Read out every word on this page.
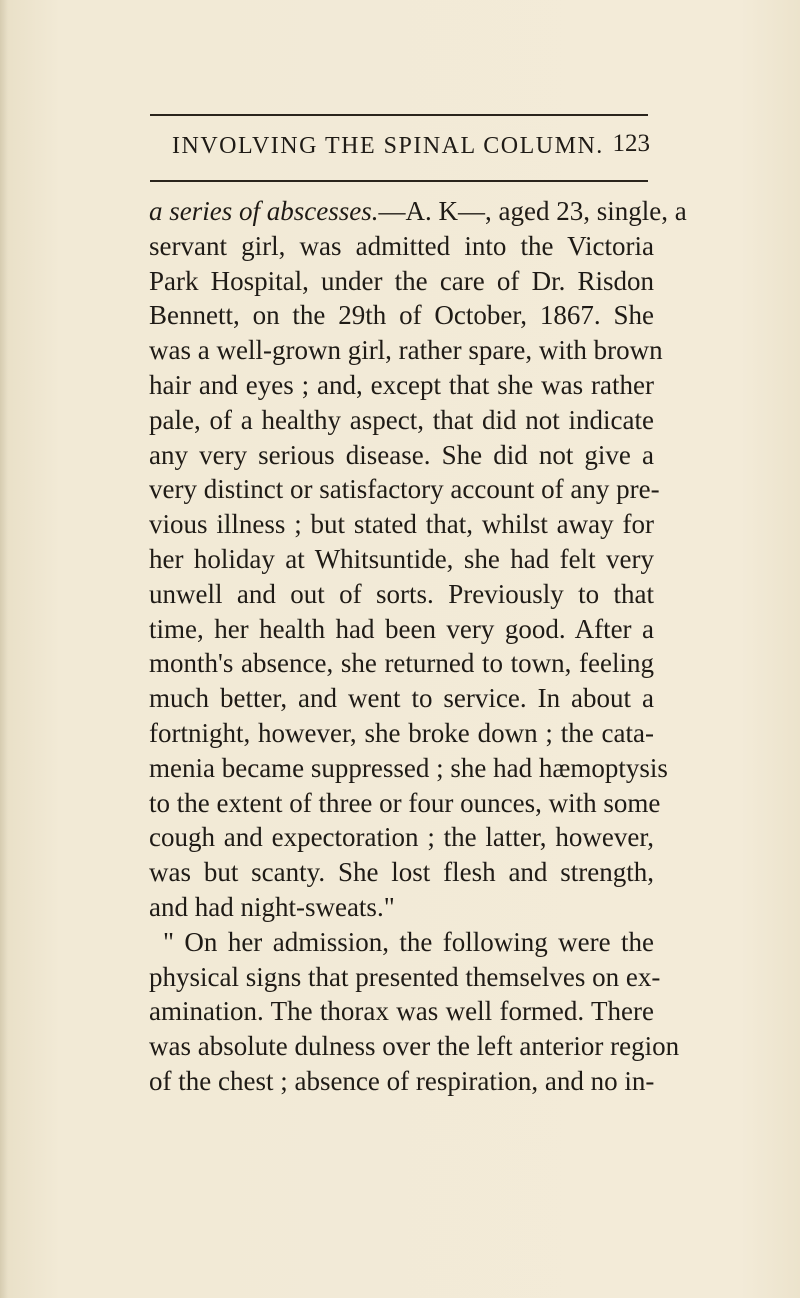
INVOLVING THE SPINAL COLUMN. 123
a series of abscesses.—A. K—, aged 23, single, a
servant girl, was admitted into the Victoria
Park Hospital, under the care of Dr. Risdon
Bennett, on the 29th of October, 1867. She
was a well-grown girl, rather spare, with brown
hair and eyes ; and, except that she was rather
pale, of a healthy aspect, that did not indicate
any very serious disease. She did not give a
very distinct or satisfactory account of any pre-
vious illness ; but stated that, whilst away for
her holiday at Whitsuntide, she had felt very
unwell and out of sorts. Previously to that
time, her health had been very good. After a
month's absence, she returned to town, feeling
much better, and went to service. In about a
fortnight, however, she broke down ; the cata-
menia became suppressed ; she had hæmoptysis
to the extent of three or four ounces, with some
cough and expectoration ; the latter, however,
was but scanty. She lost flesh and strength,
and had night-sweats."
" On her admission, the following were the
physical signs that presented themselves on ex-
amination. The thorax was well formed. There
was absolute dulness over the left anterior region
of the chest ; absence of respiration, and no in-
